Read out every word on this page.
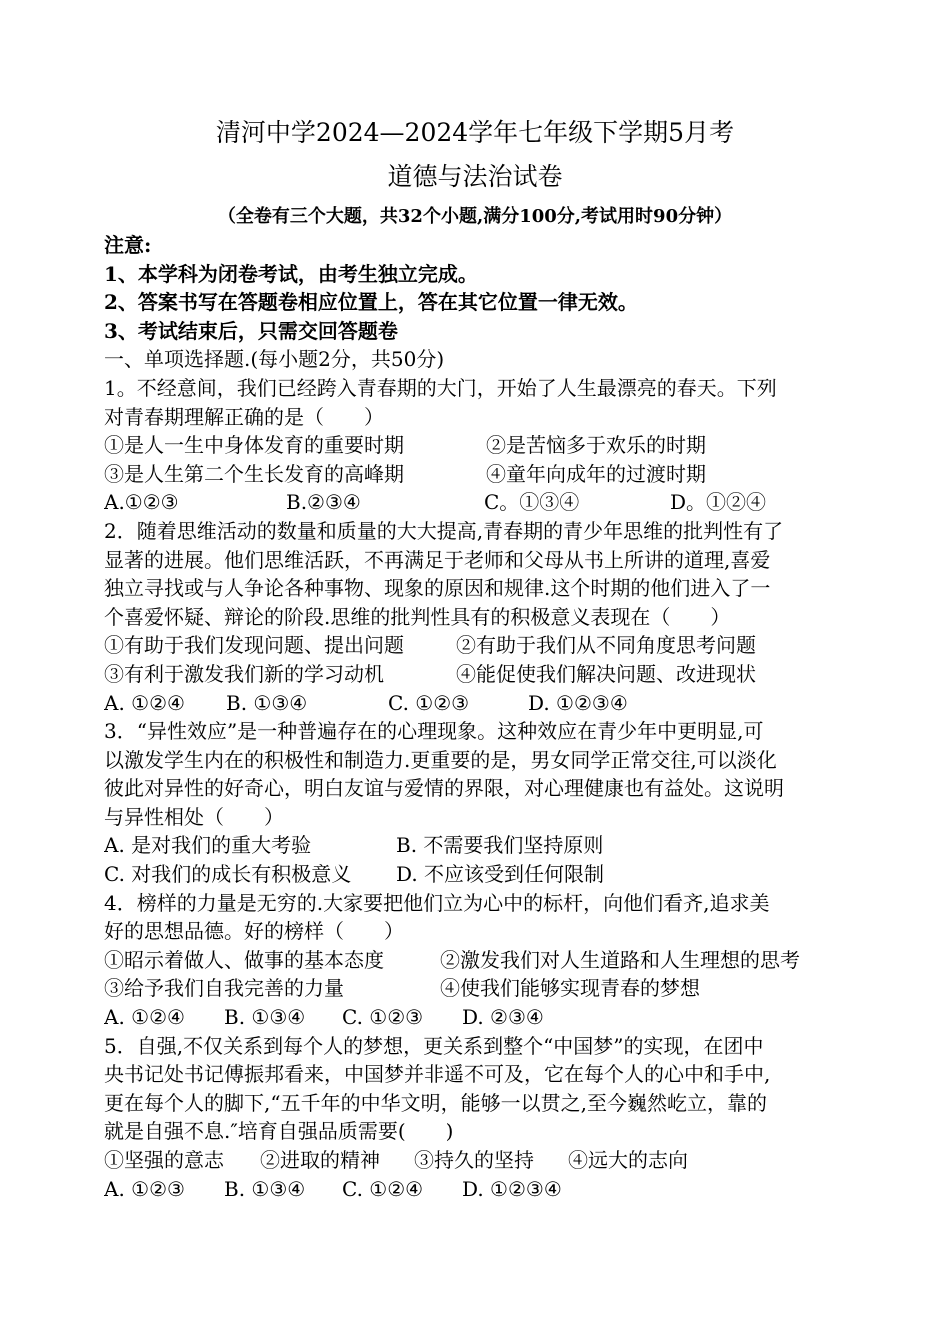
清河中学2024—2024学年七年级下学期5月考
道德与法治试卷
（全卷有三个大题，共32个小题,满分100分,考试用时90分钟）
注意:
1、本学科为闭卷考试，由考生独立完成。
2、答案书写在答题卷相应位置上，答在其它位置一律无效。
3、考试结束后，只需交回答题卷
一、单项选择题.(每小题2分，共50分)
1。不经意间，我们已经跨入青春期的大门，开始了人生最漂亮的春天。下列
对青春期理解正确的是（　　）
①是人一生中身体发育的重要时期	②是苦恼多于欢乐的时期
③是人生第二个生长发育的高峰期	④童年向成年的过渡时期
A.①②③	B.②③④	C。①③④	D。①②④
2．随着思维活动的数量和质量的大大提高,青春期的青少年思维的批判性有了
显著的进展。他们思维活跃，不再满足于老师和父母从书上所讲的道理,喜爱
独立寻找或与人争论各种事物、现象的原因和规律.这个时期的他们进入了一
个喜爱怀疑、辩论的阶段.思维的批判性具有的积极意义表现在（　　）
①有助于我们发现问题、提出问题	②有助于我们从不同角度思考问题
③有利于激发我们新的学习动机	④能促使我们解决问题、改进现状
A. ①②④ B. ①③④	C. ①②③	D. ①②③④
3．“异性效应”是一种普遍存在的心理现象。这种效应在青少年中更明显,可
以激发学生内在的积极性和制造力.更重要的是，男女同学正常交往,可以淡化
彼此对异性的好奇心，明白友谊与爱情的界限，对心理健康也有益处。这说明
与异性相处（　　）
A. 是对我们的重大考验	B. 不需要我们坚持原则
C. 对我们的成长有积极意义 D. 不应该受到任何限制
4．榜样的力量是无穷的.大家要把他们立为心中的标杆，向他们看齐,追求美
好的思想品德。好的榜样（　　）
①昭示着做人、做事的基本态度	②激发我们对人生道路和人生理想的思考
③给予我们自我完善的力量	④使我们能够实现青春的梦想
A. ①②④ B. ①③④ C. ①②③ D. ②③④
5．自强,不仅关系到每个人的梦想，更关系到整个“中国梦”的实现，在团中
央书记处书记傅振邦看来，中国梦并非遥不可及，它在每个人的心中和手中,
更在每个人的脚下,“五千年的中华文明，能够一以贯之,至今巍然屹立，靠的
就是自强不息.″培育自强品质需要(　　)
①坚强的意志 ②进取的精神 ③持久的坚持 ④远大的志向
A. ①②③ B. ①③④ C. ①②④ D. ①②③④
